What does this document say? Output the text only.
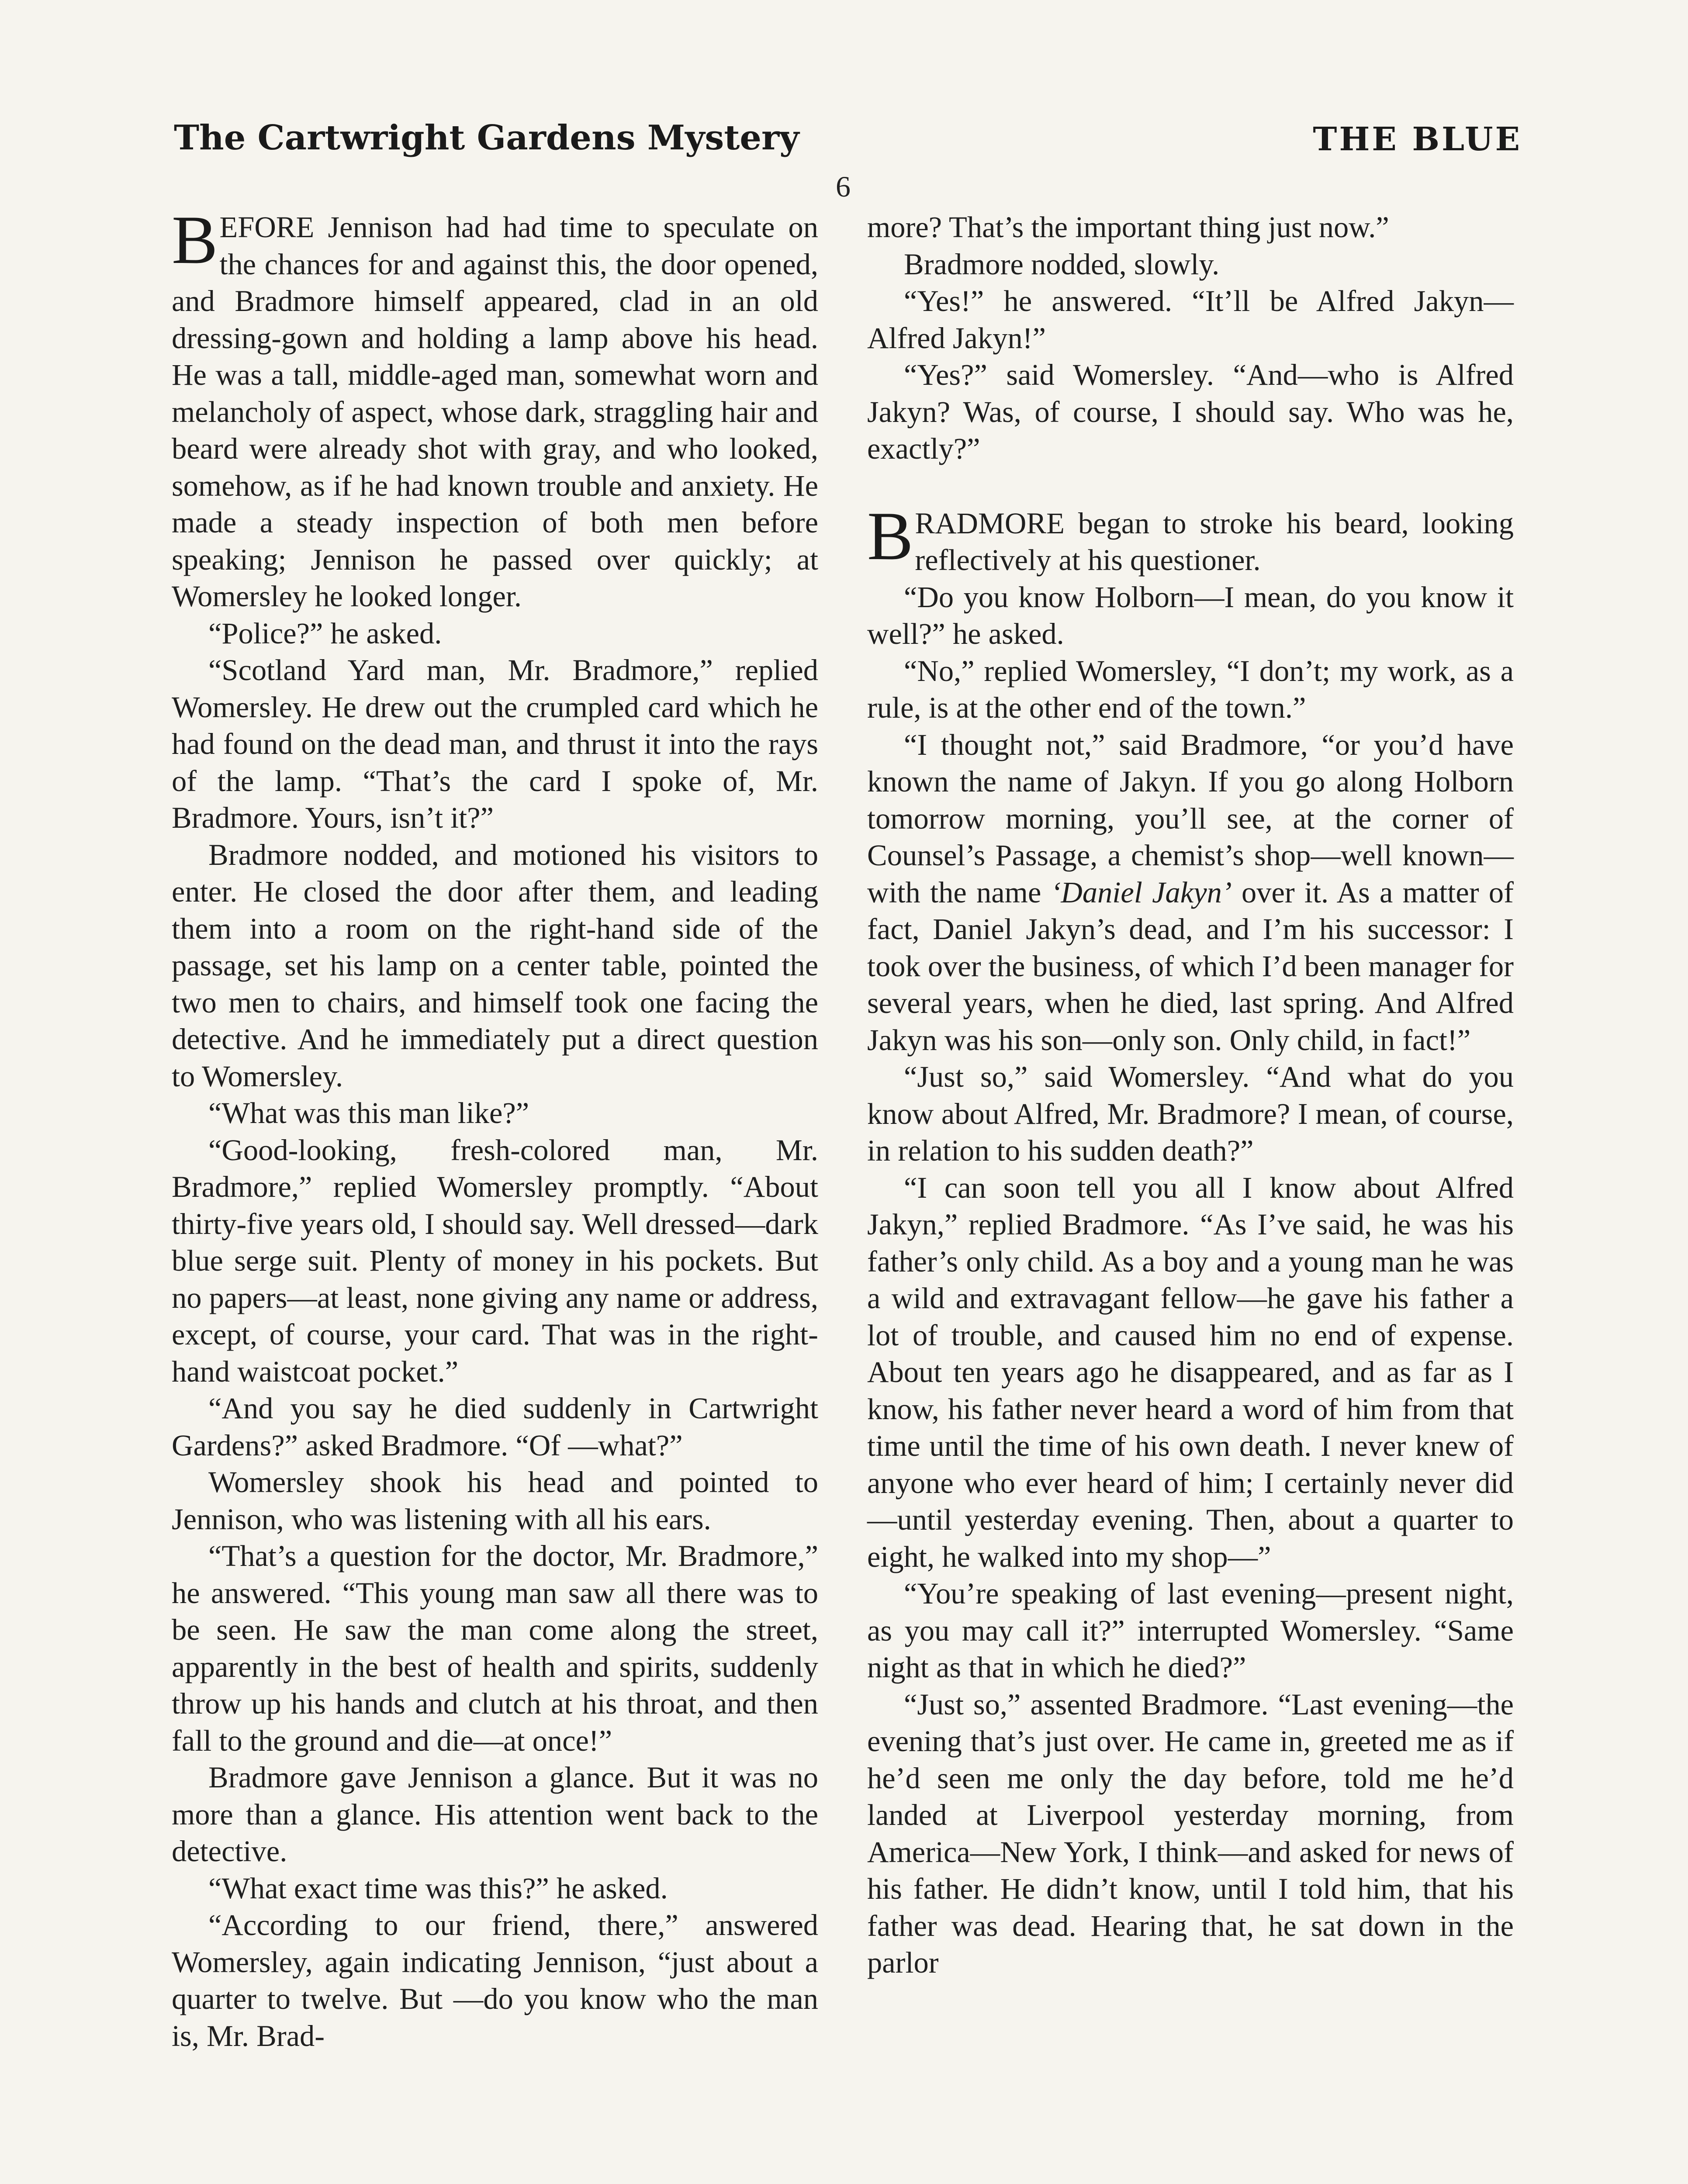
The Cartwright Gardens Mystery	THE BLUE
6

BEFORE Jennison had had time to speculate on the chances for and against this, the door opened, and Bradmore himself appeared, clad in an old dressing-gown and holding a lamp above his head. He was a tall, middle-aged man, somewhat worn and melancholy of aspect, whose dark, straggling hair and beard were already shot with gray, and who looked, somehow, as if he had known trouble and anxiety. He made a steady inspection of both men before speaking; Jennison he passed over quickly; at Womersley he looked longer.

“Police?” he asked.

“Scotland Yard man, Mr. Bradmore,” replied Womersley. He drew out the crumpled card which he had found on the dead man, and thrust it into the rays of the lamp. “That’s the card I spoke of, Mr. Bradmore. Yours, isn’t it?”

Bradmore nodded, and motioned his visitors to enter. He closed the door after them, and leading them into a room on the right-hand side of the passage, set his lamp on a center table, pointed the two men to chairs, and himself took one facing the detective. And he immediately put a direct question to Womersley.

“What was this man like?”

“Good-looking, fresh-colored man, Mr. Bradmore,” replied Womersley promptly. “About thirty-five years old, I should say. Well dressed—dark blue serge suit. Plenty of money in his pockets. But no papers—at least, none giving any name or address, except, of course, your card. That was in the right-hand waistcoat pocket.”

“And you say he died suddenly in Cartwright Gardens?” asked Bradmore. “Of —what?”

Womersley shook his head and pointed to Jennison, who was listening with all his ears.

“That’s a question for the doctor, Mr. Bradmore,” he answered. “This young man saw all there was to be seen. He saw the man come along the street, apparently in the best of health and spirits, suddenly throw up his hands and clutch at his throat, and then fall to the ground and die—at once!”

Bradmore gave Jennison a glance. But it was no more than a glance. His attention went back to the detective.

“What exact time was this?” he asked.

“According to our friend, there,” answered Womersley, again indicating Jennison, “just about a quarter to twelve. But —do you know who the man is, Mr. Brad-

more? That’s the important thing just now.”

Bradmore nodded, slowly.

“Yes!” he answered. “It’ll be Alfred Jakyn—Alfred Jakyn!”

“Yes?” said Womersley. “And—who is Alfred Jakyn? Was, of course, I should say. Who was he, exactly?”

BRADMORE began to stroke his beard, looking reflectively at his questioner.

“Do you know Holborn—I mean, do you know it well?” he asked.

“No,” replied Womersley, “I don’t; my work, as a rule, is at the other end of the town.”

“I thought not,” said Bradmore, “or you’d have known the name of Jakyn. If you go along Holborn tomorrow morning, you’ll see, at the corner of Counsel’s Passage, a chemist’s shop—well known—with the name ‘Daniel Jakyn’ over it. As a matter of fact, Daniel Jakyn’s dead, and I’m his successor: I took over the business, of which I’d been manager for several years, when he died, last spring. And Alfred Jakyn was his son—only son. Only child, in fact!”

“Just so,” said Womersley. “And what do you know about Alfred, Mr. Bradmore? I mean, of course, in relation to his sudden death?”

“I can soon tell you all I know about Alfred Jakyn,” replied Bradmore. “As I’ve said, he was his father’s only child. As a boy and a young man he was a wild and extravagant fellow—he gave his father a lot of trouble, and caused him no end of expense. About ten years ago he disappeared, and as far as I know, his father never heard a word of him from that time until the time of his own death. I never knew of anyone who ever heard of him; I certainly never did—until yesterday evening. Then, about a quarter to eight, he walked into my shop—”

“You’re speaking of last evening—present night, as you may call it?” interrupted Womersley. “Same night as that in which he died?”

“Just so,” assented Bradmore. “Last evening—the evening that’s just over. He came in, greeted me as if he’d seen me only the day before, told me he’d landed at Liverpool yesterday morning, from America—New York, I think—and asked for news of his father. He didn’t know, until I told him, that his father was dead. Hearing that, he sat down in the parlor
